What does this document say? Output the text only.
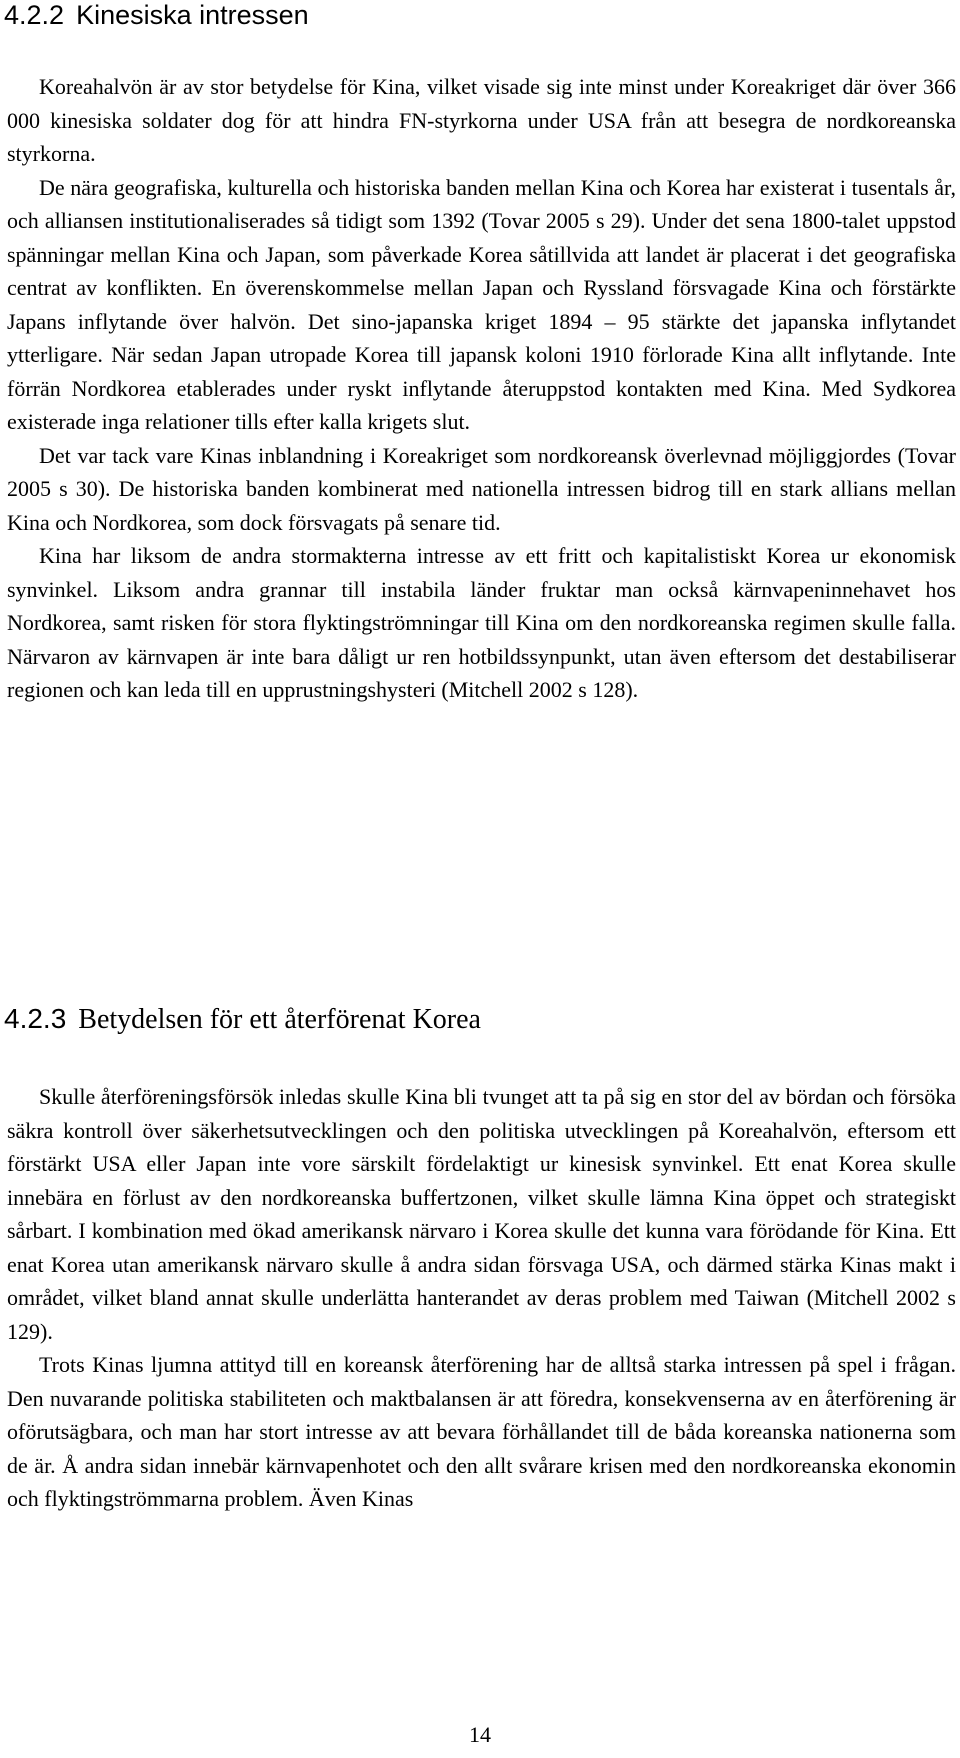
4.2.2 Kinesiska intressen

Koreahalvön är av stor betydelse för Kina, vilket visade sig inte minst under Koreakriget där över 366 000 kinesiska soldater dog för att hindra FN-styrkorna under USA från att besegra de nordkoreanska styrkorna.

De nära geografiska, kulturella och historiska banden mellan Kina och Korea har existerat i tusentals år, och alliansen institutionaliserades så tidigt som 1392 (Tovar 2005 s 29). Under det sena 1800-talet uppstod spänningar mellan Kina och Japan, som påverkade Korea såtillvida att landet är placerat i det geografiska centrat av konflikten. En överenskommelse mellan Japan och Ryssland försvagade Kina och förstärkte Japans inflytande över halvön. Det sino-japanska kriget 1894 – 95 stärkte det japanska inflytandet ytterligare. När sedan Japan utropade Korea till japansk koloni 1910 förlorade Kina allt inflytande. Inte förrän Nordkorea etablerades under ryskt inflytande återuppstod kontakten med Kina. Med Sydkorea existerade inga relationer tills efter kalla krigets slut.

Det var tack vare Kinas inblandning i Koreakriget som nordkoreansk överlevnad möjliggjordes (Tovar 2005 s 30). De historiska banden kombinerat med nationella intressen bidrog till en stark allians mellan Kina och Nordkorea, som dock försvagats på senare tid.

Kina har liksom de andra stormakterna intresse av ett fritt och kapitalistiskt Korea ur ekonomisk synvinkel. Liksom andra grannar till instabila länder fruktar man också kärnvapeninnehavet hos Nordkorea, samt risken för stora flyktingströmningar till Kina om den nordkoreanska regimen skulle falla. Närvaron av kärnvapen är inte bara dåligt ur ren hotbildssynpunkt, utan även eftersom det destabiliserar regionen och kan leda till en upprustningshysteri (Mitchell 2002 s 128).

4.2.3 Betydelsen för ett återförenat Korea

Skulle återföreningsförsök inledas skulle Kina bli tvunget att ta på sig en stor del av bördan och försöka säkra kontroll över säkerhetsutvecklingen och den politiska utvecklingen på Koreahalvön, eftersom ett förstärkt USA eller Japan inte vore särskilt fördelaktigt ur kinesisk synvinkel. Ett enat Korea skulle innebära en förlust av den nordkoreanska buffertzonen, vilket skulle lämna Kina öppet och strategiskt sårbart. I kombination med ökad amerikansk närvaro i Korea skulle det kunna vara förödande för Kina. Ett enat Korea utan amerikansk närvaro skulle å andra sidan försvaga USA, och därmed stärka Kinas makt i området, vilket bland annat skulle underlätta hanterandet av deras problem med Taiwan (Mitchell 2002 s 129).

Trots Kinas ljumna attityd till en koreansk återförening har de alltså starka intressen på spel i frågan. Den nuvarande politiska stabiliteten och maktbalansen är att föredra, konsekvenserna av en återförening är oförutsägbara, och man har stort intresse av att bevara förhållandet till de båda koreanska nationerna som de är. Å andra sidan innebär kärnvapenhotet och den allt svårare krisen med den nordkoreanska ekonomin och flyktingströmmarna problem. Även Kinas

14
